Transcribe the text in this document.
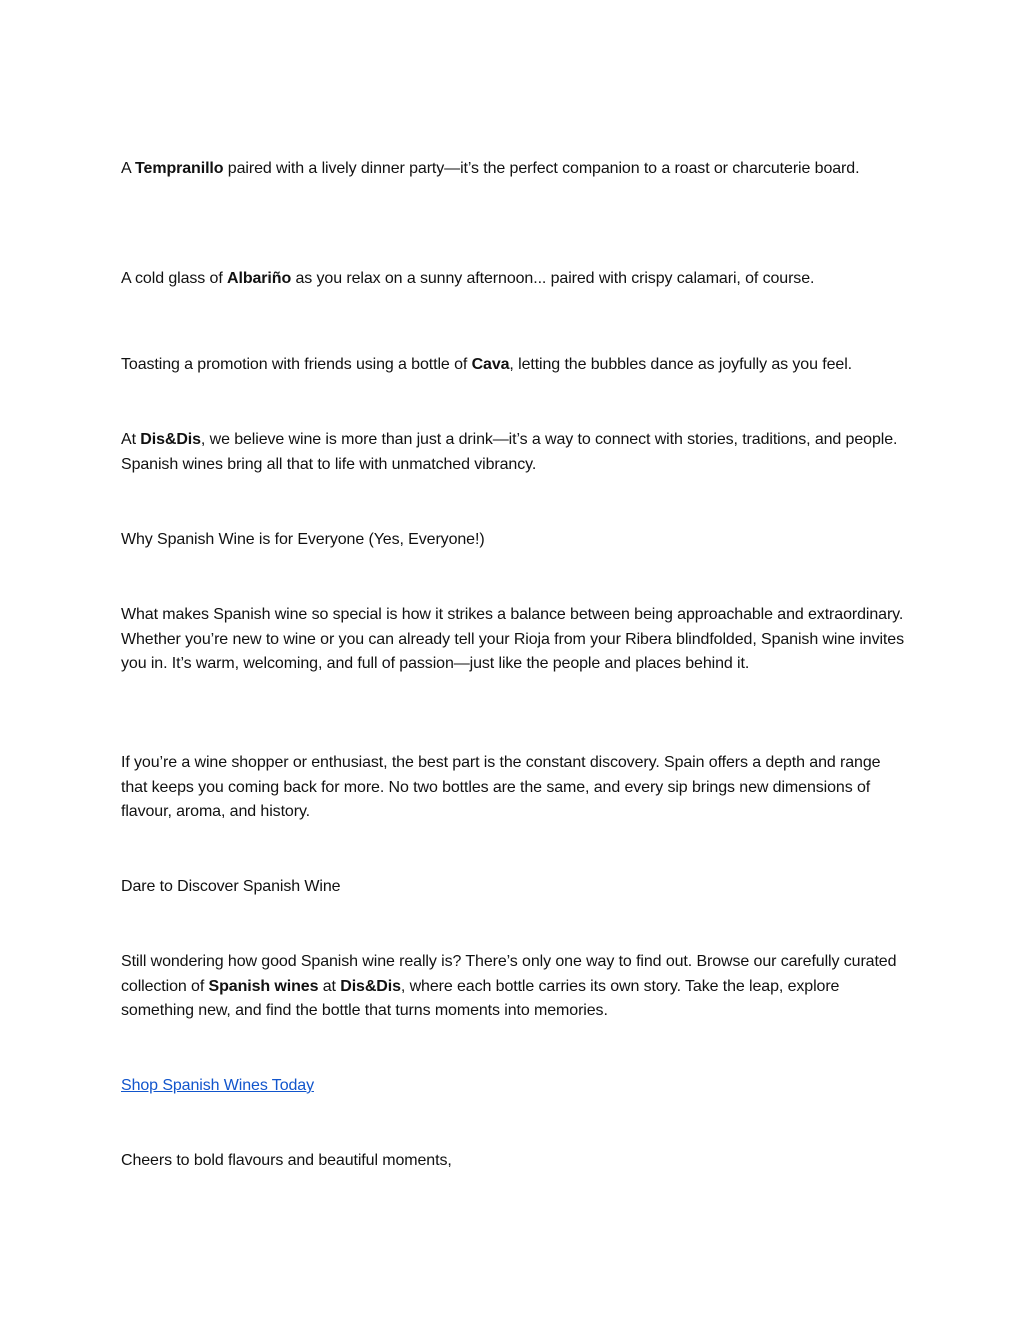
A Tempranillo paired with a lively dinner party—it’s the perfect companion to a roast or charcuterie board.

A cold glass of Albariño as you relax on a sunny afternoon... paired with crispy calamari, of course.

Toasting a promotion with friends using a bottle of Cava, letting the bubbles dance as joyfully as you feel.

At Dis&Dis, we believe wine is more than just a drink—it’s a way to connect with stories, traditions, and people. Spanish wines bring all that to life with unmatched vibrancy.

Why Spanish Wine is for Everyone (Yes, Everyone!)

What makes Spanish wine so special is how it strikes a balance between being approachable and extraordinary. Whether you’re new to wine or you can already tell your Rioja from your Ribera blindfolded, Spanish wine invites you in. It’s warm, welcoming, and full of passion—just like the people and places behind it.

If you’re a wine shopper or enthusiast, the best part is the constant discovery. Spain offers a depth and range that keeps you coming back for more. No two bottles are the same, and every sip brings new dimensions of flavour, aroma, and history.

Dare to Discover Spanish Wine

Still wondering how good Spanish wine really is? There’s only one way to find out. Browse our carefully curated collection of Spanish wines at Dis&Dis, where each bottle carries its own story. Take the leap, explore something new, and find the bottle that turns moments into memories.

Shop Spanish Wines Today

Cheers to bold flavours and beautiful moments,
